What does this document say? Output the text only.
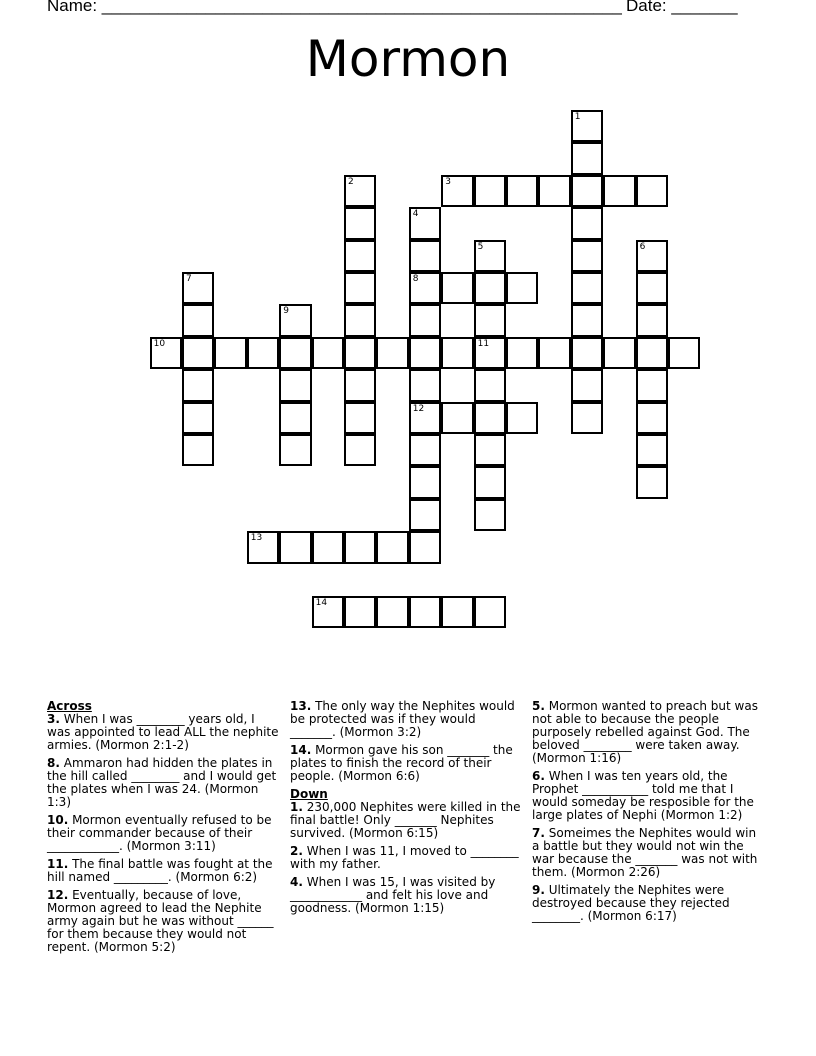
Name: _______________________________________________________ Date: _______
Mormon
1
2	3
4
8
12
5
11
6
7
9
10
13
14

Across

3. When I was ________ years old, I was appointed to lead ALL the nephite armies. (Mormon 2:1-2)

8. Ammaron had hidden the plates in the hill called ________ and I would get the plates when I was 24. (Mormon 1:3)

10. Mormon eventually refused to be their commander because of their ____________. (Mormon 3:11)

11. The final battle was fought at the hill named _________. (Mormon 6:2)

12. Eventually, because of love, Mormon agreed to lead the Nephite army again but he was without ______ for them because they would not repent. (Mormon 5:2)

13. The only way the Nephites would be protected was if they would _______. (Mormon 3:2)

14. Mormon gave his son _______ the plates to finish the record of their people. (Mormon 6:6)

Down

1. 230,000 Nephites were killed in the final battle! Only _______ Nephites survived. (Mormon 6:15)

2. When I was 11, I moved to ________ with my father.

4. When I was 15, I was visited by ____________ and felt his love and goodness. (Mormon 1:15)

5. Mormon wanted to preach but was not able to because the people purposely rebelled against God. The beloved ________ were taken away. (Mormon 1:16)

6. When I was ten years old, the Prophet ___________ told me that I would someday be resposible for the large plates of Nephi (Mormon 1:2)

7. Someimes the Nephites would win a battle but they would not win the war because the _______ was not with them. (Mormon 2:26)

9. Ultimately the Nephites were destroyed because they rejected ________. (Mormon 6:17)
